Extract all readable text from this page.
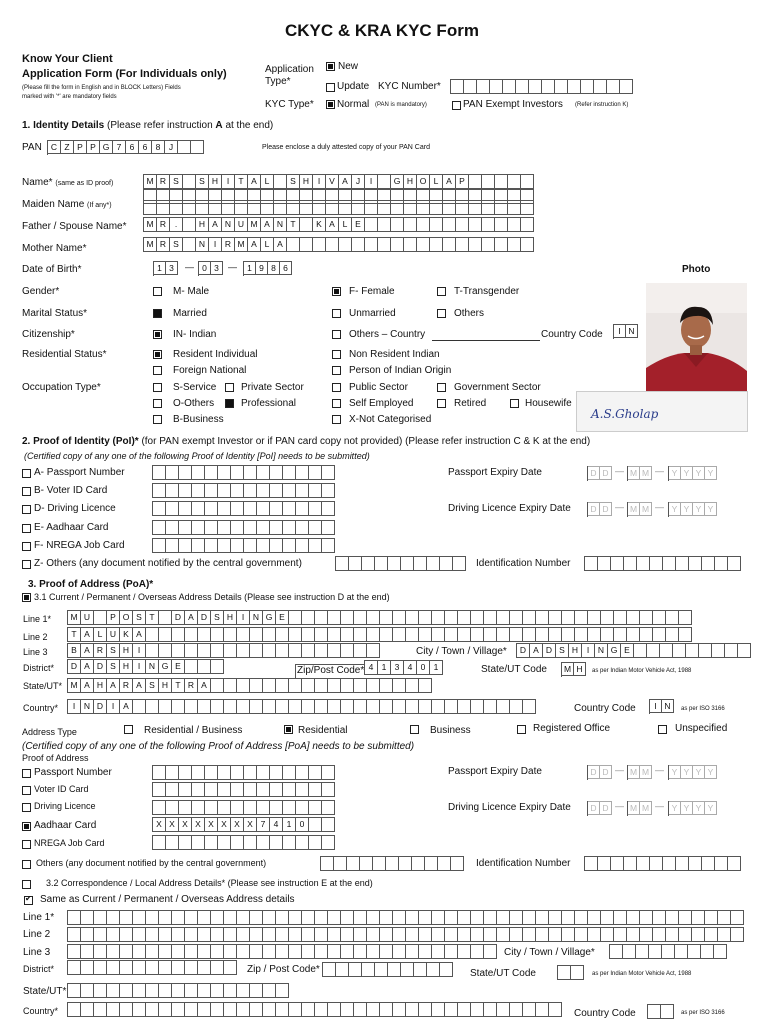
CKYC & KRA KYC Form
Know Your Client
Application Form (For Individuals only)
(Please fill the form in English and in BLOCK Letters) Fields
marked with '*' are mandatory fields
Application
Type*
New
Update KYC Number*
KYC Type* Normal (PAN is mandatory)	PAN Exempt Investors (Refer instruction K)
1. Identity Details (Please refer instruction A at the end)
PAN	C Z P P G 7 6 6 8	J	Please enclose a duly attested copy of your PAN Card
Name* (same as ID proof)	M R S	S H	I	T A L	S H	I	V A J	I	G H O L A P
Maiden Name (If any*)
Father / Spouse Name* M R	.	H A N U M A N T	K A L E
Mother Name*	M R S	N	I	R M A L A
Date of Birth*	1 3	— 0 3	—	1 9 8 6	Photo
Gender*	M- Male	F- Female	T-Transgender
Marital Status*	Married	Unmarried	Others
Citizenship*	IN- Indian	Others – Country	Country Code	I N
Residential Status*	Resident Individual	Non Resident Indian
Foreign National	Person of Indian Origin
Occupation Type*	S-Service Private Sector	Public Sector	Government Sector
O-Others	Professional	Self Employed	Retired	Housewife
B-Business	X-Not Categorised	A.S.Gholap
2. Proof of Identity (PoI)* (for PAN exempt Investor or if PAN card copy not provided) (Please refer instruction C & K at the end)
(Certified copy of any one of the following Proof of Identity [PoI] needs to be submitted)
A- Passport Number	Passport Expiry Date	D D — M M — Y Y Y Y
B- Voter ID Card
D- Driving Licence	Driving Licence Expiry Date D D — M M — Y Y Y Y
E- Aadhaar Card
F- NREGA Job Card
Z- Others (any document notified by the central government)	Identification Number
3. Proof of Address (PoA)*
3.1 Current / Permanent / Overseas Address Details (Please see instruction D at the end)
Line 1* M U	P O S T	D A D S H	I	N G E
Line 2	T A L U K A
Line 3	B A R S H	I	City / Town / Village*	D A D S H	I	N G E
District*	D A D S H	I	N G E	Zip/Post Code* 4 1 3 4 0 1	State/UT Code M H	as per Indian Motor Vehicle Act, 1988
State/UT* M A H A R A S H T R A
Country*	I	N D	I	A	Country Code	I N	as per ISO 3166
Address Type	Residential / Business	Residential	Business	Registered Office	Unspecified
(Certified copy of any one of the following Proof of Address [PoA] needs to be submitted)
Proof of Address
Passport Number	Passport Expiry Date	D D — M M — Y Y Y Y
Voter ID Card
Driving Licence	Driving Licence Expiry Date D D — M M — Y Y Y Y
Aadhaar Card	X X X X X X X X 7 4 1 0
NREGA Job Card
Others (any document notified by the central government)	Identification Number
3.2 Correspondence / Local Address Details* (Please see instruction E at the end)
✔
Same as Current / Permanent / Overseas Address details
Line 1*
Line 2
Line 3	City / Town / Village*
District*	Zip / Post Code*	State/UT Code	as per Indian Motor Vehicle Act, 1988
State/UT*
Country*	Country Code	as per ISO 3166
